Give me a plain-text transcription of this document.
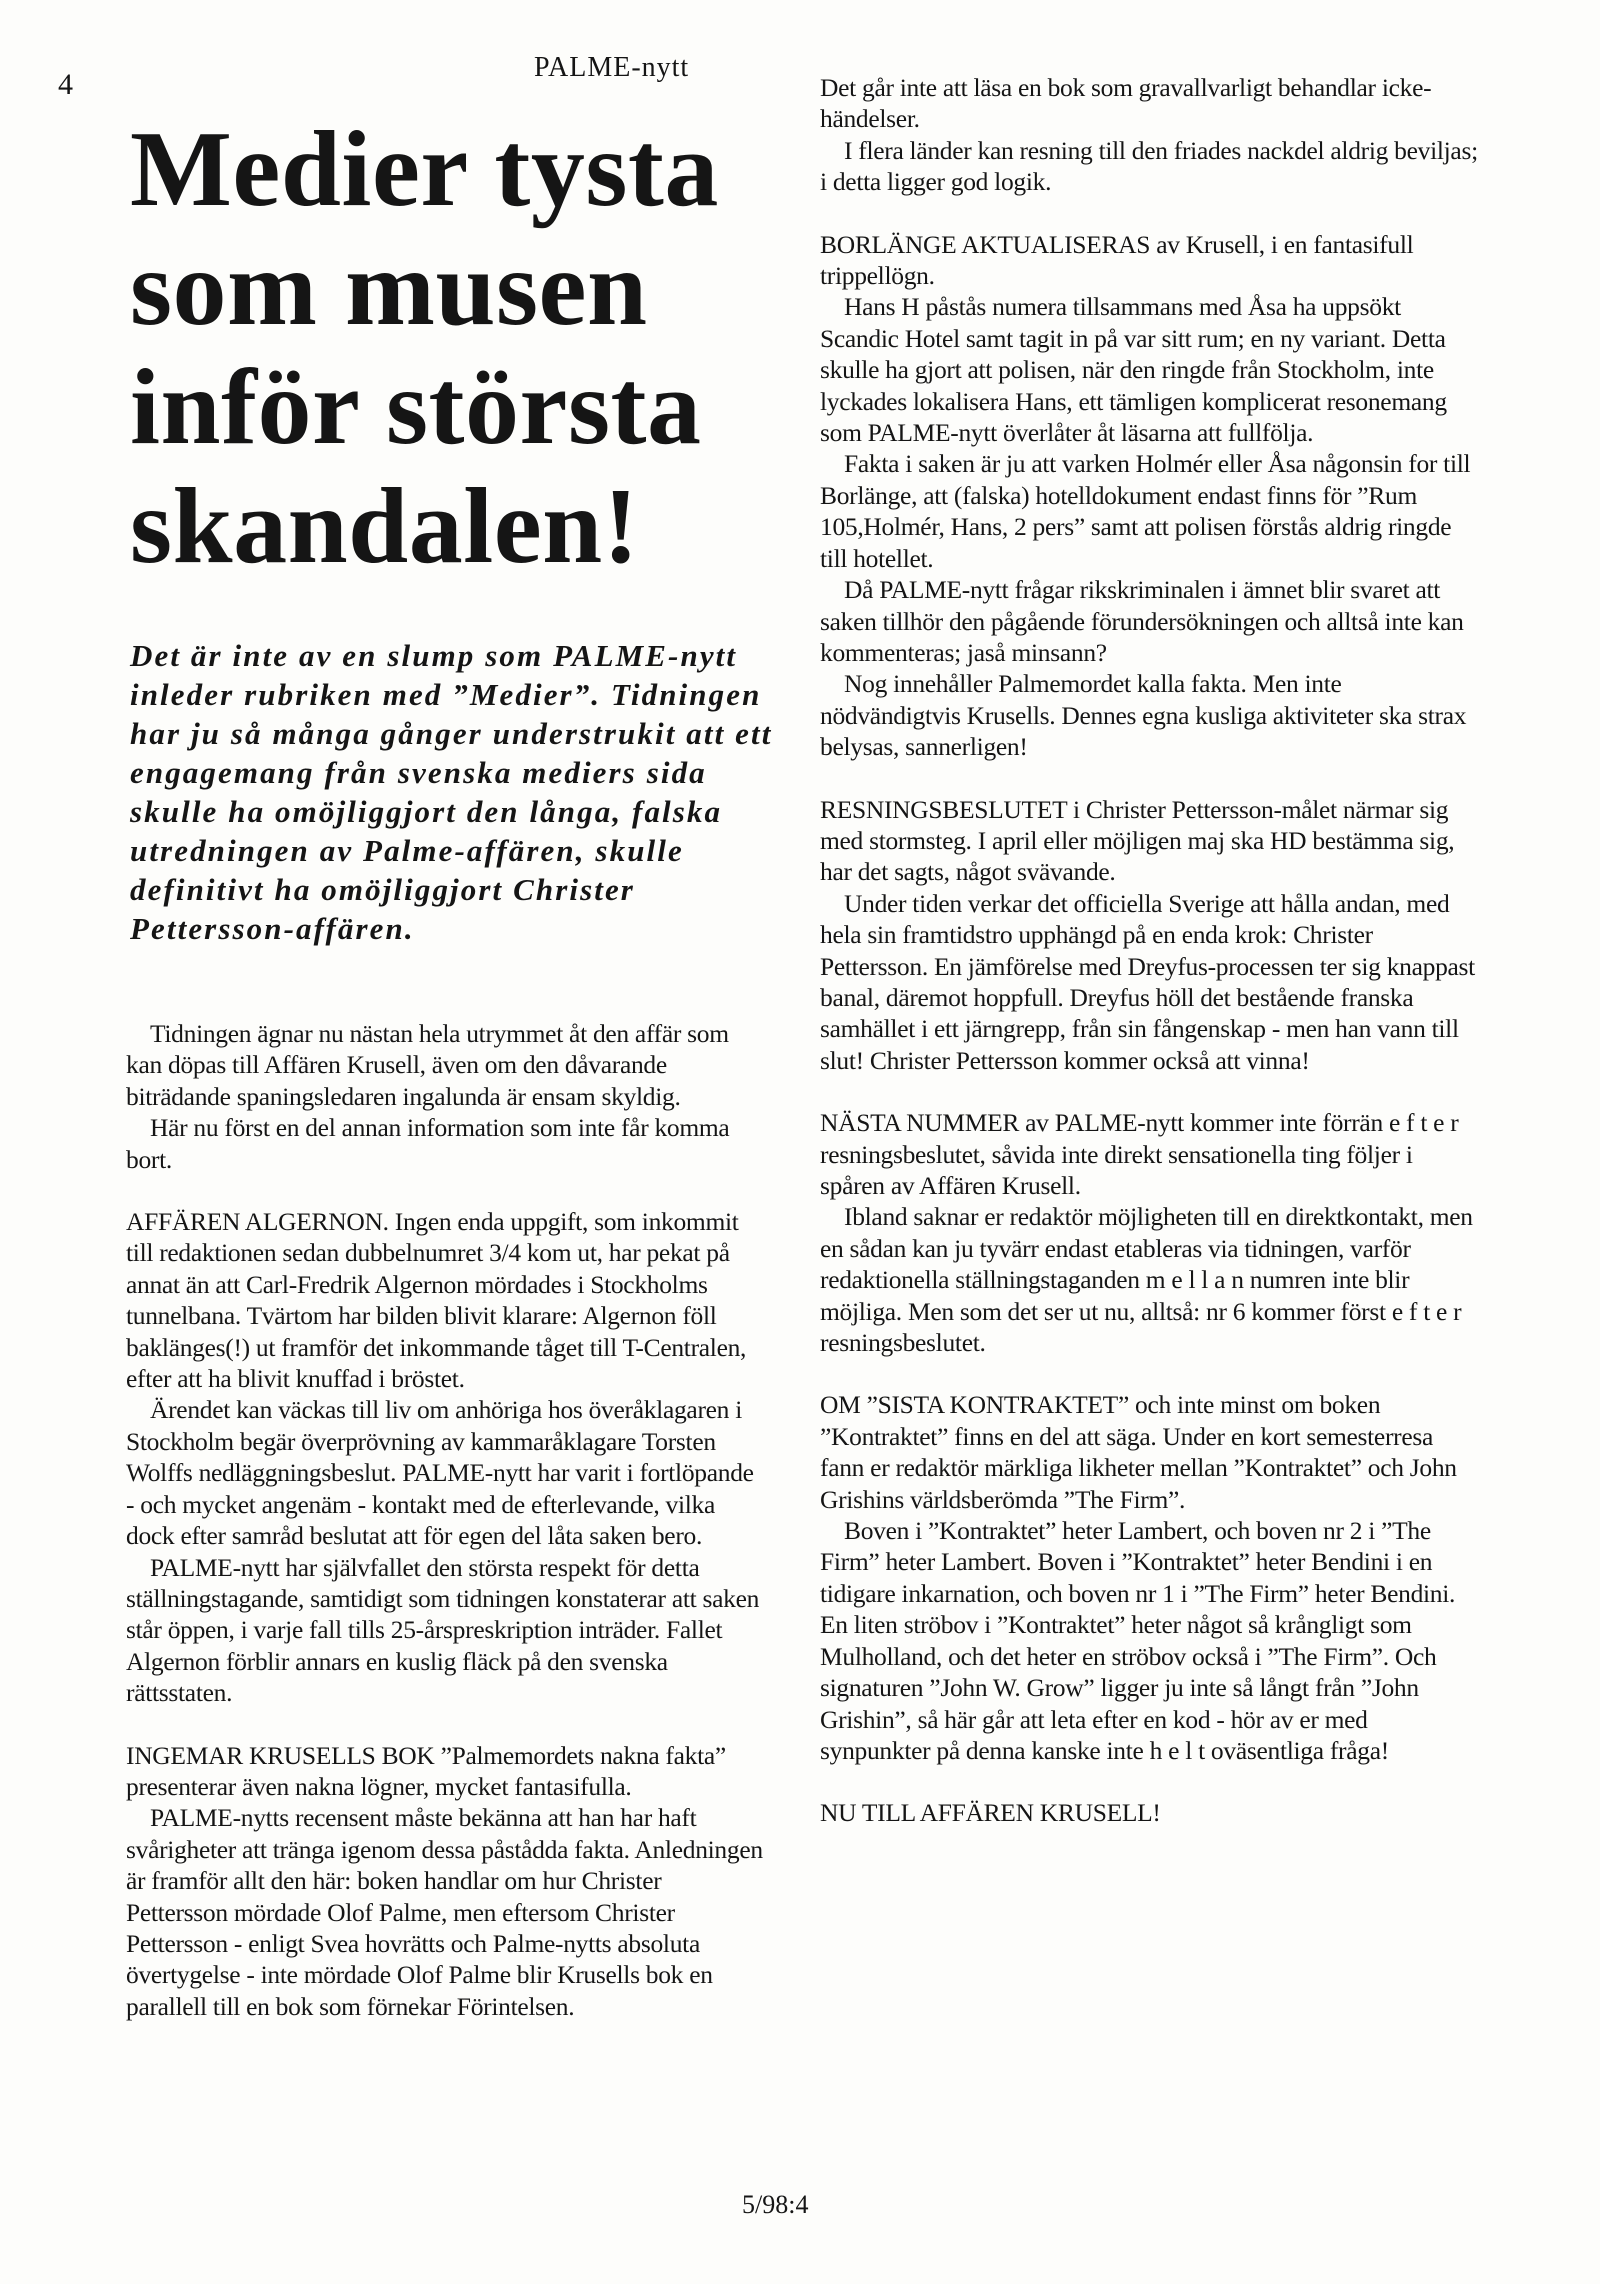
4
PALME-nytt
Medier tysta
som musen
inför största
skandalen!
Det är inte av en slump som PALME-nytt inleder rubriken med ”Medier”. Tidningen har ju så många gånger understrukit att ett engagemang från svenska mediers sida skulle ha omöjliggjort den långa, falska utredningen av Palme-affären, skulle definitivt ha omöjliggjort Christer Pettersson-affären.

Tidningen ägnar nu nästan hela utrymmet åt den affär som kan döpas till Affären Krusell, även om den dåvarande biträdande spaningsledaren ingalunda är ensam skyldig.

Här nu först en del annan information som inte får komma bort.

AFFÄREN ALGERNON. Ingen enda uppgift, som inkommit till redaktionen sedan dubbelnumret 3/4 kom ut, har pekat på annat än att Carl-Fredrik Algernon mördades i Stockholms tunnelbana. Tvärtom har bilden blivit klarare: Algernon föll baklänges(!) ut framför det inkommande tåget till T-Centralen, efter att ha blivit knuffad i bröstet.

Ärendet kan väckas till liv om anhöriga hos överåklagaren i Stockholm begär överprövning av kammaråklagare Torsten Wolffs nedläggningsbeslut. PALME-nytt har varit i fortlöpande - och mycket angenäm - kontakt med de efterlevande, vilka dock efter samråd beslutat att för egen del låta saken bero.

PALME-nytt har självfallet den största respekt för detta ställningstagande, samtidigt som tidningen konstaterar att saken står öppen, i varje fall tills 25-årspreskription inträder. Fallet Algernon förblir annars en kuslig fläck på den svenska rättsstaten.

INGEMAR KRUSELLS BOK ”Palmemordets nakna fakta” presenterar även nakna lögner, mycket fantasifulla.

PALME-nytts recensent måste bekänna att han har haft svårigheter att tränga igenom dessa påstådda fakta. Anledningen är framför allt den här: boken handlar om hur Christer Pettersson mördade Olof Palme, men eftersom Christer Pettersson - enligt Svea hovrätts och Palme-nytts absoluta övertygelse - inte mördade Olof Palme blir Krusells bok en parallell till en bok som förnekar Förintelsen.

Det går inte att läsa en bok som gravallvarligt behandlar icke-händelser.

I flera länder kan resning till den friades nackdel aldrig beviljas; i detta ligger god logik.

BORLÄNGE AKTUALISERAS av Krusell, i en fantasifull trippellögn.

Hans H påstås numera tillsammans med Åsa ha uppsökt Scandic Hotel samt tagit in på var sitt rum; en ny variant. Detta skulle ha gjort att polisen, när den ringde från Stockholm, inte lyckades lokalisera Hans, ett tämligen komplicerat resonemang som PALME-nytt överlåter åt läsarna att fullfölja.

Fakta i saken är ju att varken Holmér eller Åsa någonsin for till Borlänge, att (falska) hotelldokument endast finns för ”Rum 105,Holmér, Hans, 2 pers” samt att polisen förstås aldrig ringde till hotellet.

Då PALME-nytt frågar rikskriminalen i ämnet blir svaret att saken tillhör den pågående förundersökningen och alltså inte kan kommenteras; jaså minsann?

Nog innehåller Palmemordet kalla fakta. Men inte nödvändigtvis Krusells. Dennes egna kusliga aktiviteter ska strax belysas, sannerligen!

RESNINGSBESLUTET i Christer Pettersson-målet närmar sig med stormsteg. I april eller möjligen maj ska HD bestämma sig, har det sagts, något svävande.

Under tiden verkar det officiella Sverige att hålla andan, med hela sin framtidstro upphängd på en enda krok: Christer Pettersson. En jämförelse med Dreyfus-processen ter sig knappast banal, däremot hoppfull. Dreyfus höll det bestående franska samhället i ett järngrepp, från sin fångenskap - men han vann till slut! Christer Pettersson kommer också att vinna!

NÄSTA NUMMER av PALME-nytt kommer inte förrän e f t e r resningsbeslutet, såvida inte direkt sensationella ting följer i spåren av Affären Krusell.

Ibland saknar er redaktör möjligheten till en direktkontakt, men en sådan kan ju tyvärr endast etableras via tidningen, varför redaktionella ställningstaganden m e l l a n numren inte blir möjliga. Men som det ser ut nu, alltså: nr 6 kommer först e f t e r resningsbeslutet.

OM ”SISTA KONTRAKTET” och inte minst om boken ”Kontraktet” finns en del att säga. Under en kort semesterresa fann er redaktör märkliga likheter mellan ”Kontraktet” och John Grishins världsberömda ”The Firm”.

Boven i ”Kontraktet” heter Lambert, och boven nr 2 i ”The Firm” heter Lambert. Boven i ”Kontraktet” heter Bendini i en tidigare inkarnation, och boven nr 1 i ”The Firm” heter Bendini. En liten ströbov i ”Kontraktet” heter något så krångligt som Mulholland, och det heter en ströbov också i ”The Firm”. Och signaturen ”John W. Grow” ligger ju inte så långt från ”John Grishin”, så här går att leta efter en kod - hör av er med synpunkter på denna kanske inte h e l t oväsentliga fråga!

NU TILL AFFÄREN KRUSELL!

5/98:4
